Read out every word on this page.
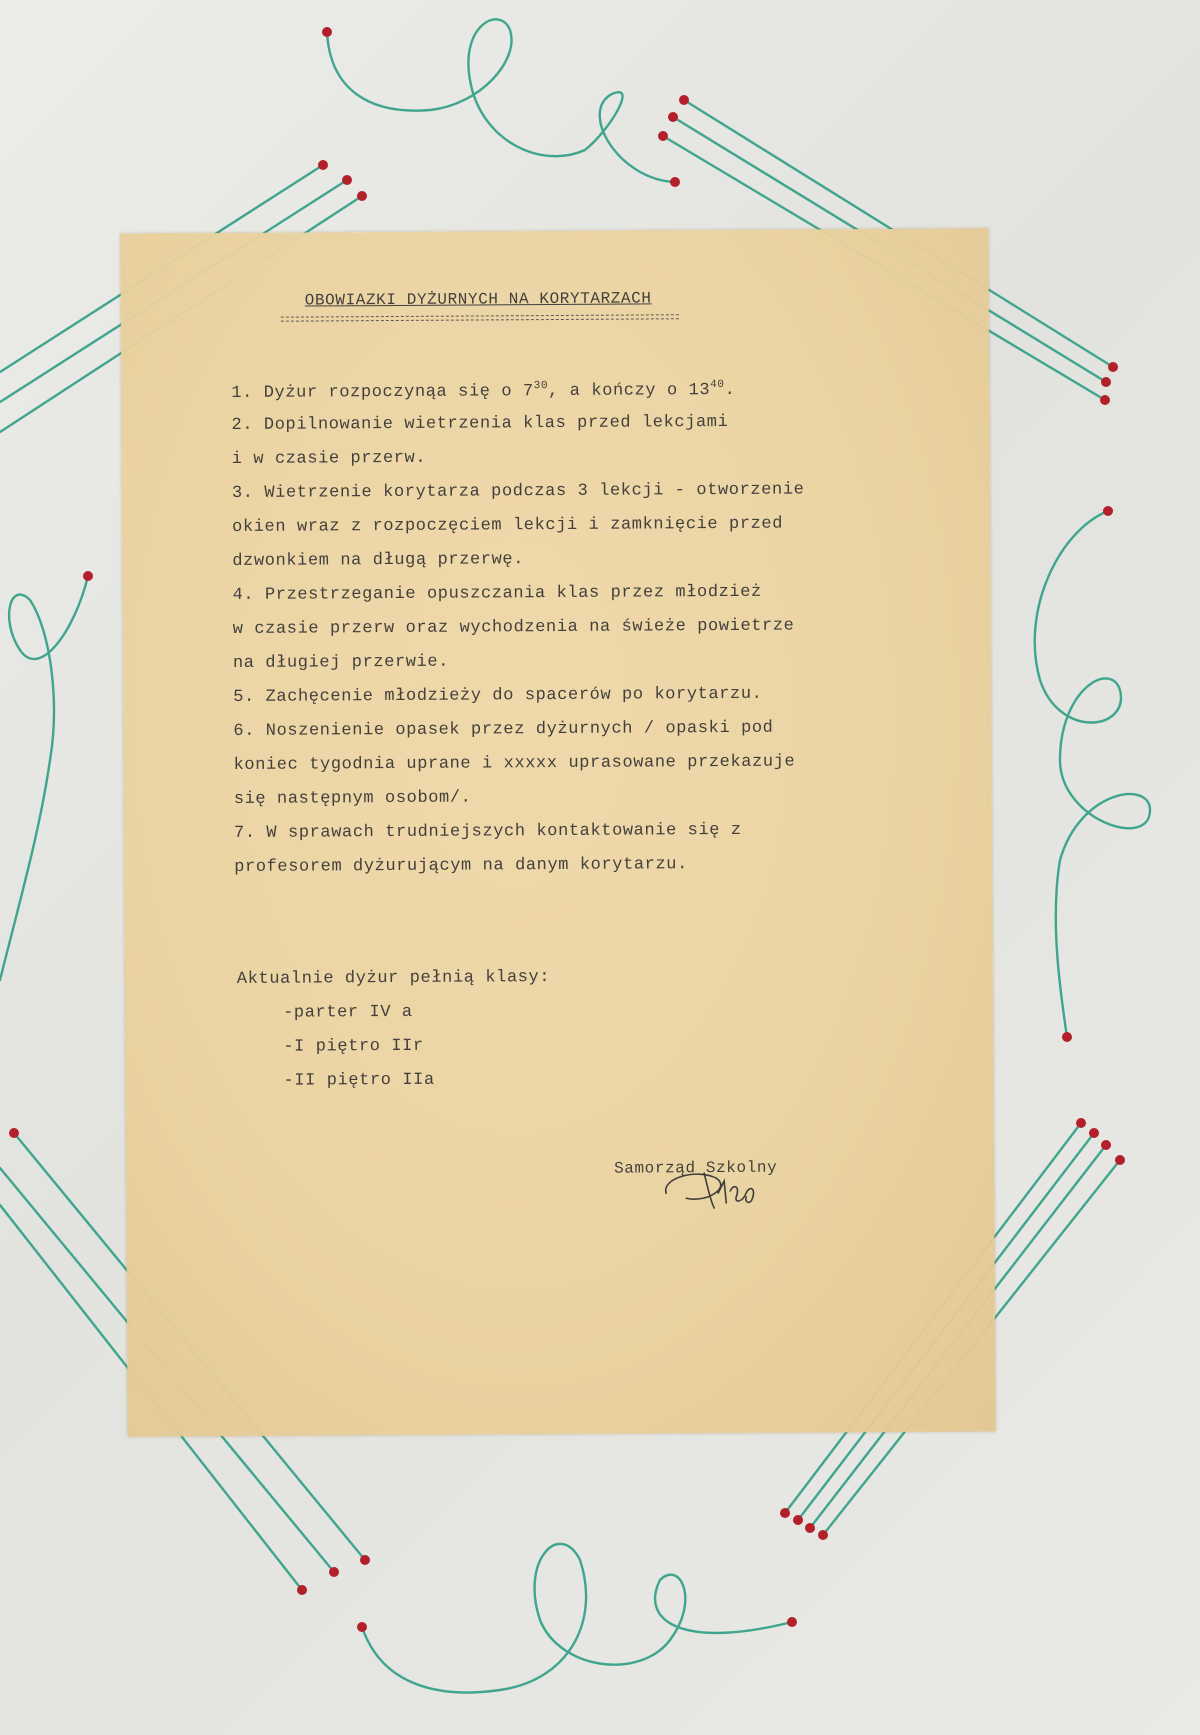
OBOWIAZKI DYŻURNYCH NA KORYTARZACH
1. Dyżur rozpoczynąa się o $7^{30}$, a kończy o $13^{40}$.
2. Dopilnowanie wietrzenia klas przed lekcjami
i w czasie przerw.
3. Wietrzenie korytarza podczas 3 lekcji - otworzenie
okien wraz z rozpoczęciem lekcji i zamknięcie przed
dzwonkiem na długą przerwę.
4. Przestrzeganie opuszczania klas przez młodzież
w czasie przerw oraz wychodzenia na świeże powietrze
na długiej przerwie.
5. Zachęcenie młodzieży do spacerów po korytarzu.
6. Noszenienie opasek przez dyżurnych / opaski pod
koniec tygodnia uprane i xxxxx uprasowane przekazuje
się następnym osobom/.
7. W sprawach trudniejszych kontaktowanie się z
profesorem dyżurującym na danym korytarzu.
Aktualnie dyżur pełnią klasy:
-parter IV a
-I piętro IIr
-II piętro IIa
Samorząd Szkolny
